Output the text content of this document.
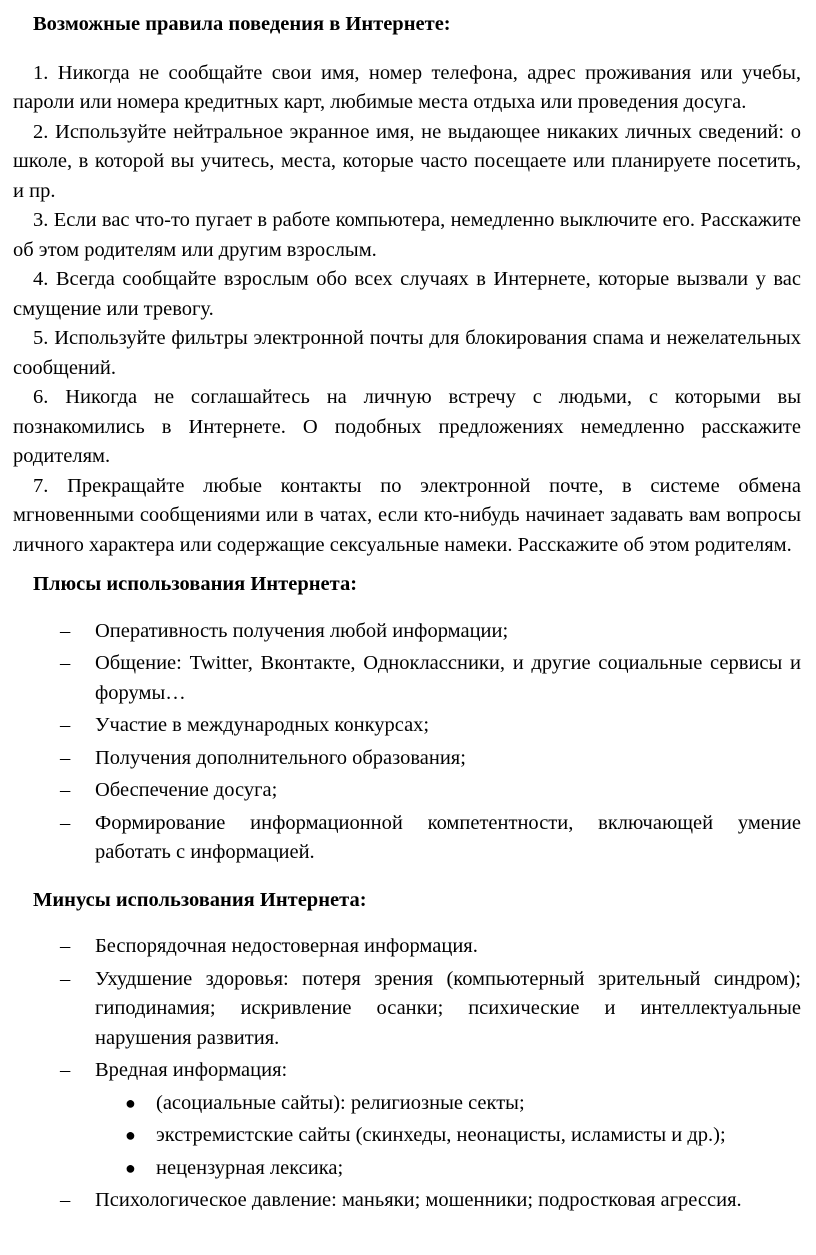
Возможные правила поведения в Интернете:

1. Никогда не сообщайте свои имя, номер телефона, адрес проживания или учебы, пароли или номера кредитных карт, любимые места отдыха или проведения досуга.

2. Используйте нейтральное экранное имя, не выдающее никаких личных сведений: о школе, в которой вы учитесь, места, которые часто посещаете или планируете посетить, и пр.

3. Если вас что-то пугает в работе компьютера, немедленно выключите его. Расскажите об этом родителям или другим взрослым.

4. Всегда сообщайте взрослым обо всех случаях в Интернете, которые вызвали у вас смущение или тревогу.

5. Используйте фильтры электронной почты для блокирования спама и нежелательных сообщений.

6. Никогда не соглашайтесь на личную встречу с людьми, с которыми вы познакомились в Интернете. О подобных предложениях немедленно расскажите родителям.

7. Прекращайте любые контакты по электронной почте, в системе обмена мгновенными сообщениями или в чатах, если кто-нибудь начинает задавать вам вопросы личного характера или содержащие сексуальные намеки. Расскажите об этом родителям.

Плюсы использования Интернета:

– Оперативность получения любой информации;
– Общение: Twitter, Вконтакте, Одноклассники, и другие социальные сервисы и форумы…
– Участие в международных конкурсах;
– Получения дополнительного образования;
– Обеспечение досуга;
– Формирование информационной компетентности, включающей умение работать с информацией.

Минусы использования Интернета:

– Беспорядочная недостоверная информация.
– Ухудшение здоровья: потеря зрения (компьютерный зрительный синдром); гиподинамия; искривление осанки; психические и интеллектуальные нарушения развития.
– Вредная информация:
● (асоциальные сайты): религиозные секты;
● экстремистские сайты (скинхеды, неонацисты, исламисты и др.);
● нецензурная лексика;
– Психологическое давление: маньяки; мошенники; подростковая агрессия.
